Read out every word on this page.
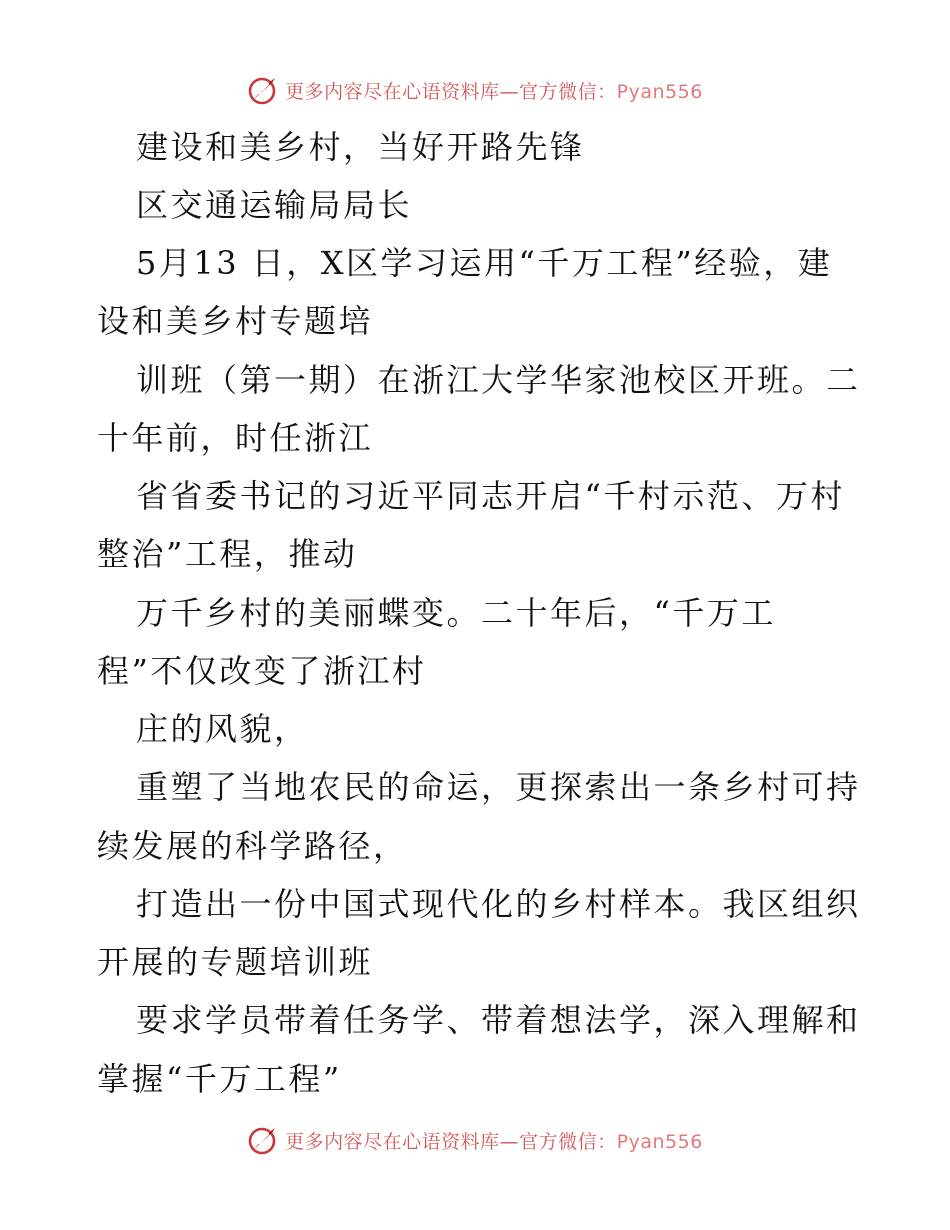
更多内容尽在心语资料库—官方微信：Pyan556
建设和美乡村，当好开路先锋
区交通运输局局长
5月13 日，X区学习运用“千万工程”经验，建
设和美乡村专题培
训班（第一期）在浙江大学华家池校区开班。二
十年前，时任浙江
省省委书记的习近平同志开启“千村示范、万村
整治”工程，推动
万千乡村的美丽蝶变。二十年后，“千万工
程”不仅改变了浙江村
庄的风貌，
重塑了当地农民的命运，更探索出一条乡村可持
续发展的科学路径，
打造出一份中国式现代化的乡村样本。我区组织
开展的专题培训班
要求学员带着任务学、带着想法学，深入理解和
掌握“千万工程”
更多内容尽在心语资料库—官方微信：Pyan556
